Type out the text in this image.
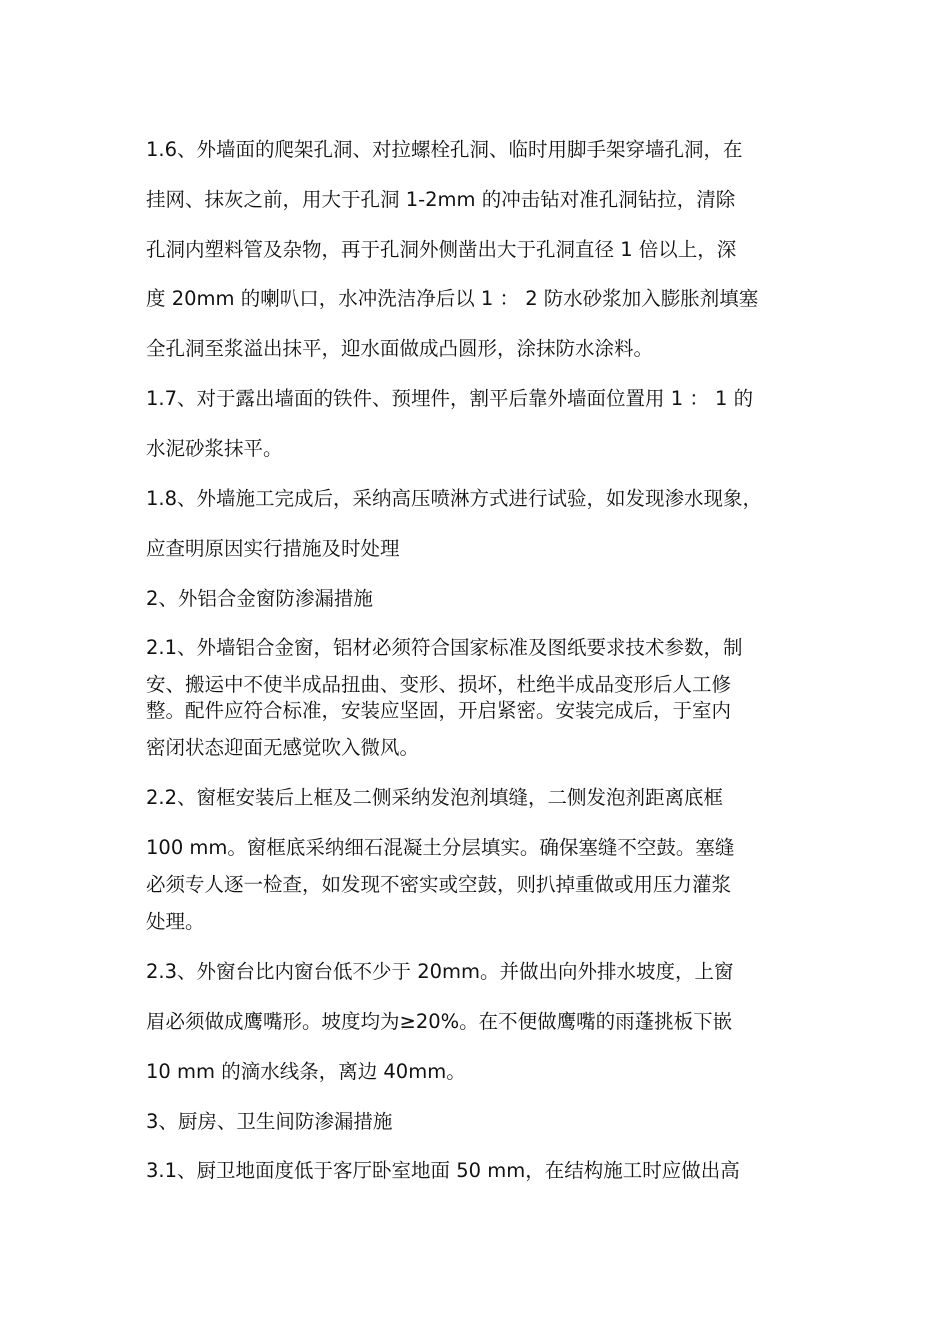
1.6、外墙面的爬架孔洞、对拉螺栓孔洞、临时用脚手架穿墙孔洞，在
挂网、抹灰之前，用大于孔洞 1-2mm 的冲击钻对准孔洞钻拉，清除
孔洞内塑料管及杂物，再于孔洞外侧凿出大于孔洞直径 1 倍以上，深
度 20mm 的喇叭口，水冲洗洁净后以 1 ： 2 防水砂浆加入膨胀剂填塞
全孔洞至浆溢出抹平，迎水面做成凸圆形，涂抹防水涂料。
1.7、对于露出墙面的铁件、预埋件，割平后靠外墙面位置用 1 ： 1 的
水泥砂浆抹平。
1.8、外墙施工完成后，采纳高压喷淋方式进行试验，如发现渗水现象，
应查明原因实行措施及时处理
2、外铝合金窗防渗漏措施
2.1、外墙铝合金窗，铝材必须符合国家标准及图纸要求技术参数，制
安、搬运中不使半成品扭曲、变形、损坏，杜绝半成品变形后人工修
整。配件应符合标准，安装应坚固，开启紧密。安装完成后，于室内
密闭状态迎面无感觉吹入微风。
2.2、窗框安装后上框及二侧采纳发泡剂填缝，二侧发泡剂距离底框
100 mm。窗框底采纳细石混凝土分层填实。确保塞缝不空鼓。塞缝
必须专人逐一检查，如发现不密实或空鼓，则扒掉重做或用压力灌浆
处理。
2.3、外窗台比内窗台低不少于 20mm。并做出向外排水坡度，上窗
眉必须做成鹰嘴形。坡度均为≥20%。在不便做鹰嘴的雨蓬挑板下嵌
10 mm 的滴水线条，离边 40mm。
3、厨房、卫生间防渗漏措施
3.1、厨卫地面度低于客厅卧室地面 50 mm，在结构施工时应做出高
